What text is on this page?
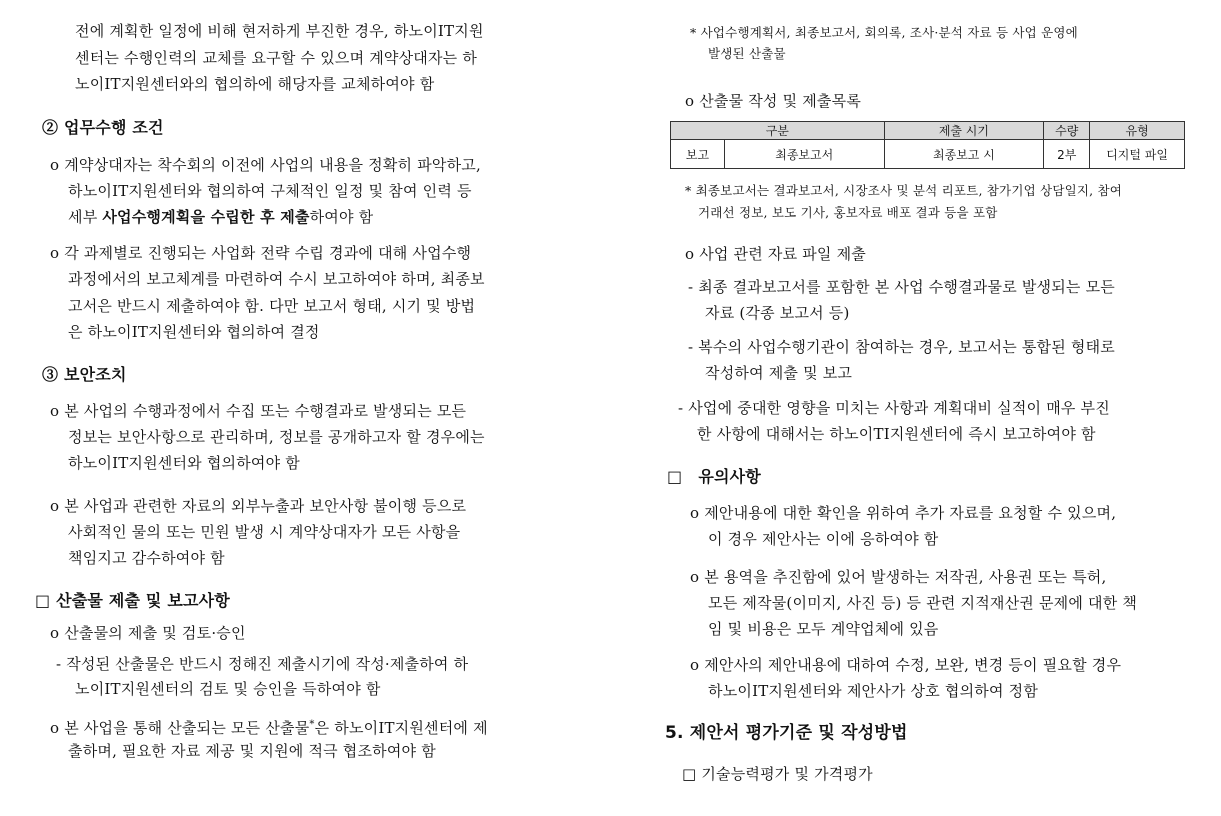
전에 계획한 일정에 비해 현저하게 부진한 경우, 하노이IT지원
센터는 수행인력의 교체를 요구할 수 있으며 계약상대자는 하
노이IT지원센터와의 협의하에 해당자를 교체하여야 함
② 업무수행 조건
o 계약상대자는 착수회의 이전에 사업의 내용을 정확히 파악하고,
하노이IT지원센터와 협의하여 구체적인 일정 및 참여 인력 등
세부 사업수행계획을 수립한 후 제출하여야 함
o 각 과제별로 진행되는 사업화 전략 수립 경과에 대해 사업수행
과정에서의 보고체계를 마련하여 수시 보고하여야 하며, 최종보
고서은 반드시 제출하여야 함. 다만 보고서 형태, 시기 및 방법
은 하노이IT지원센터와 협의하여 결정
③ 보안조치
o 본 사업의 수행과정에서 수집 또는 수행결과로 발생되는 모든
정보는 보안사항으로 관리하며, 정보를 공개하고자 할 경우에는
하노이IT지원센터와 협의하여야 함
o 본 사업과 관련한 자료의 외부누출과 보안사항 불이행 등으로
사회적인 물의 또는 민원 발생 시 계약상대자가 모든 사항을
책임지고 감수하여야 함
□ 산출물 제출 및 보고사항
o 산출물의 제출 및 검토·승인
- 작성된 산출물은 반드시 정해진 제출시기에 작성·제출하여 하
노이IT지원센터의 검토 및 승인을 득하여야 함
o 본 사업을 통해 산출되는 모든 산출물*은 하노이IT지원센터에 제
출하며, 필요한 자료 제공 및 지원에 적극 협조하여야 함
* 사업수행계획서, 최종보고서, 회의록, 조사·분석 자료 등 사업 운영에
발생된 산출물
o 산출물 작성 및 제출목록
구분		제출 시기	수량	유형
보고	최종보고서	최종보고 시	2부	디지털 파일
* 최종보고서는 결과보고서, 시장조사 및 분석 리포트, 참가기업 상담일지, 참여
거래선 정보, 보도 기사, 홍보자료 배포 결과 등을 포함
o 사업 관련 자료 파일 제출
- 최종 결과보고서를 포함한 본 사업 수행결과물로 발생되는 모든
자료 (각종 보고서 등)
- 복수의 사업수행기관이 참여하는 경우, 보고서는 통합된 형태로
작성하여 제출 및 보고
- 사업에 중대한 영향을 미치는 사항과 계획대비 실적이 매우 부진
한 사항에 대해서는 하노이TI지원센터에 즉시 보고하여야 함
□ 유의사항
o 제안내용에 대한 확인을 위하여 추가 자료를 요청할 수 있으며,
이 경우 제안사는 이에 응하여야 함
o 본 용역을 추진함에 있어 발생하는 저작권, 사용권 또는 특허,
모든 제작물(이미지, 사진 등) 등 관련 지적재산권 문제에 대한 책
임 및 비용은 모두 계약업체에 있음
o 제안사의 제안내용에 대하여 수정, 보완, 변경 등이 필요할 경우
하노이IT지원센터와 제안사가 상호 협의하여 정함
5. 제안서 평가기준 및 작성방법
□ 기술능력평가 및 가격평가
